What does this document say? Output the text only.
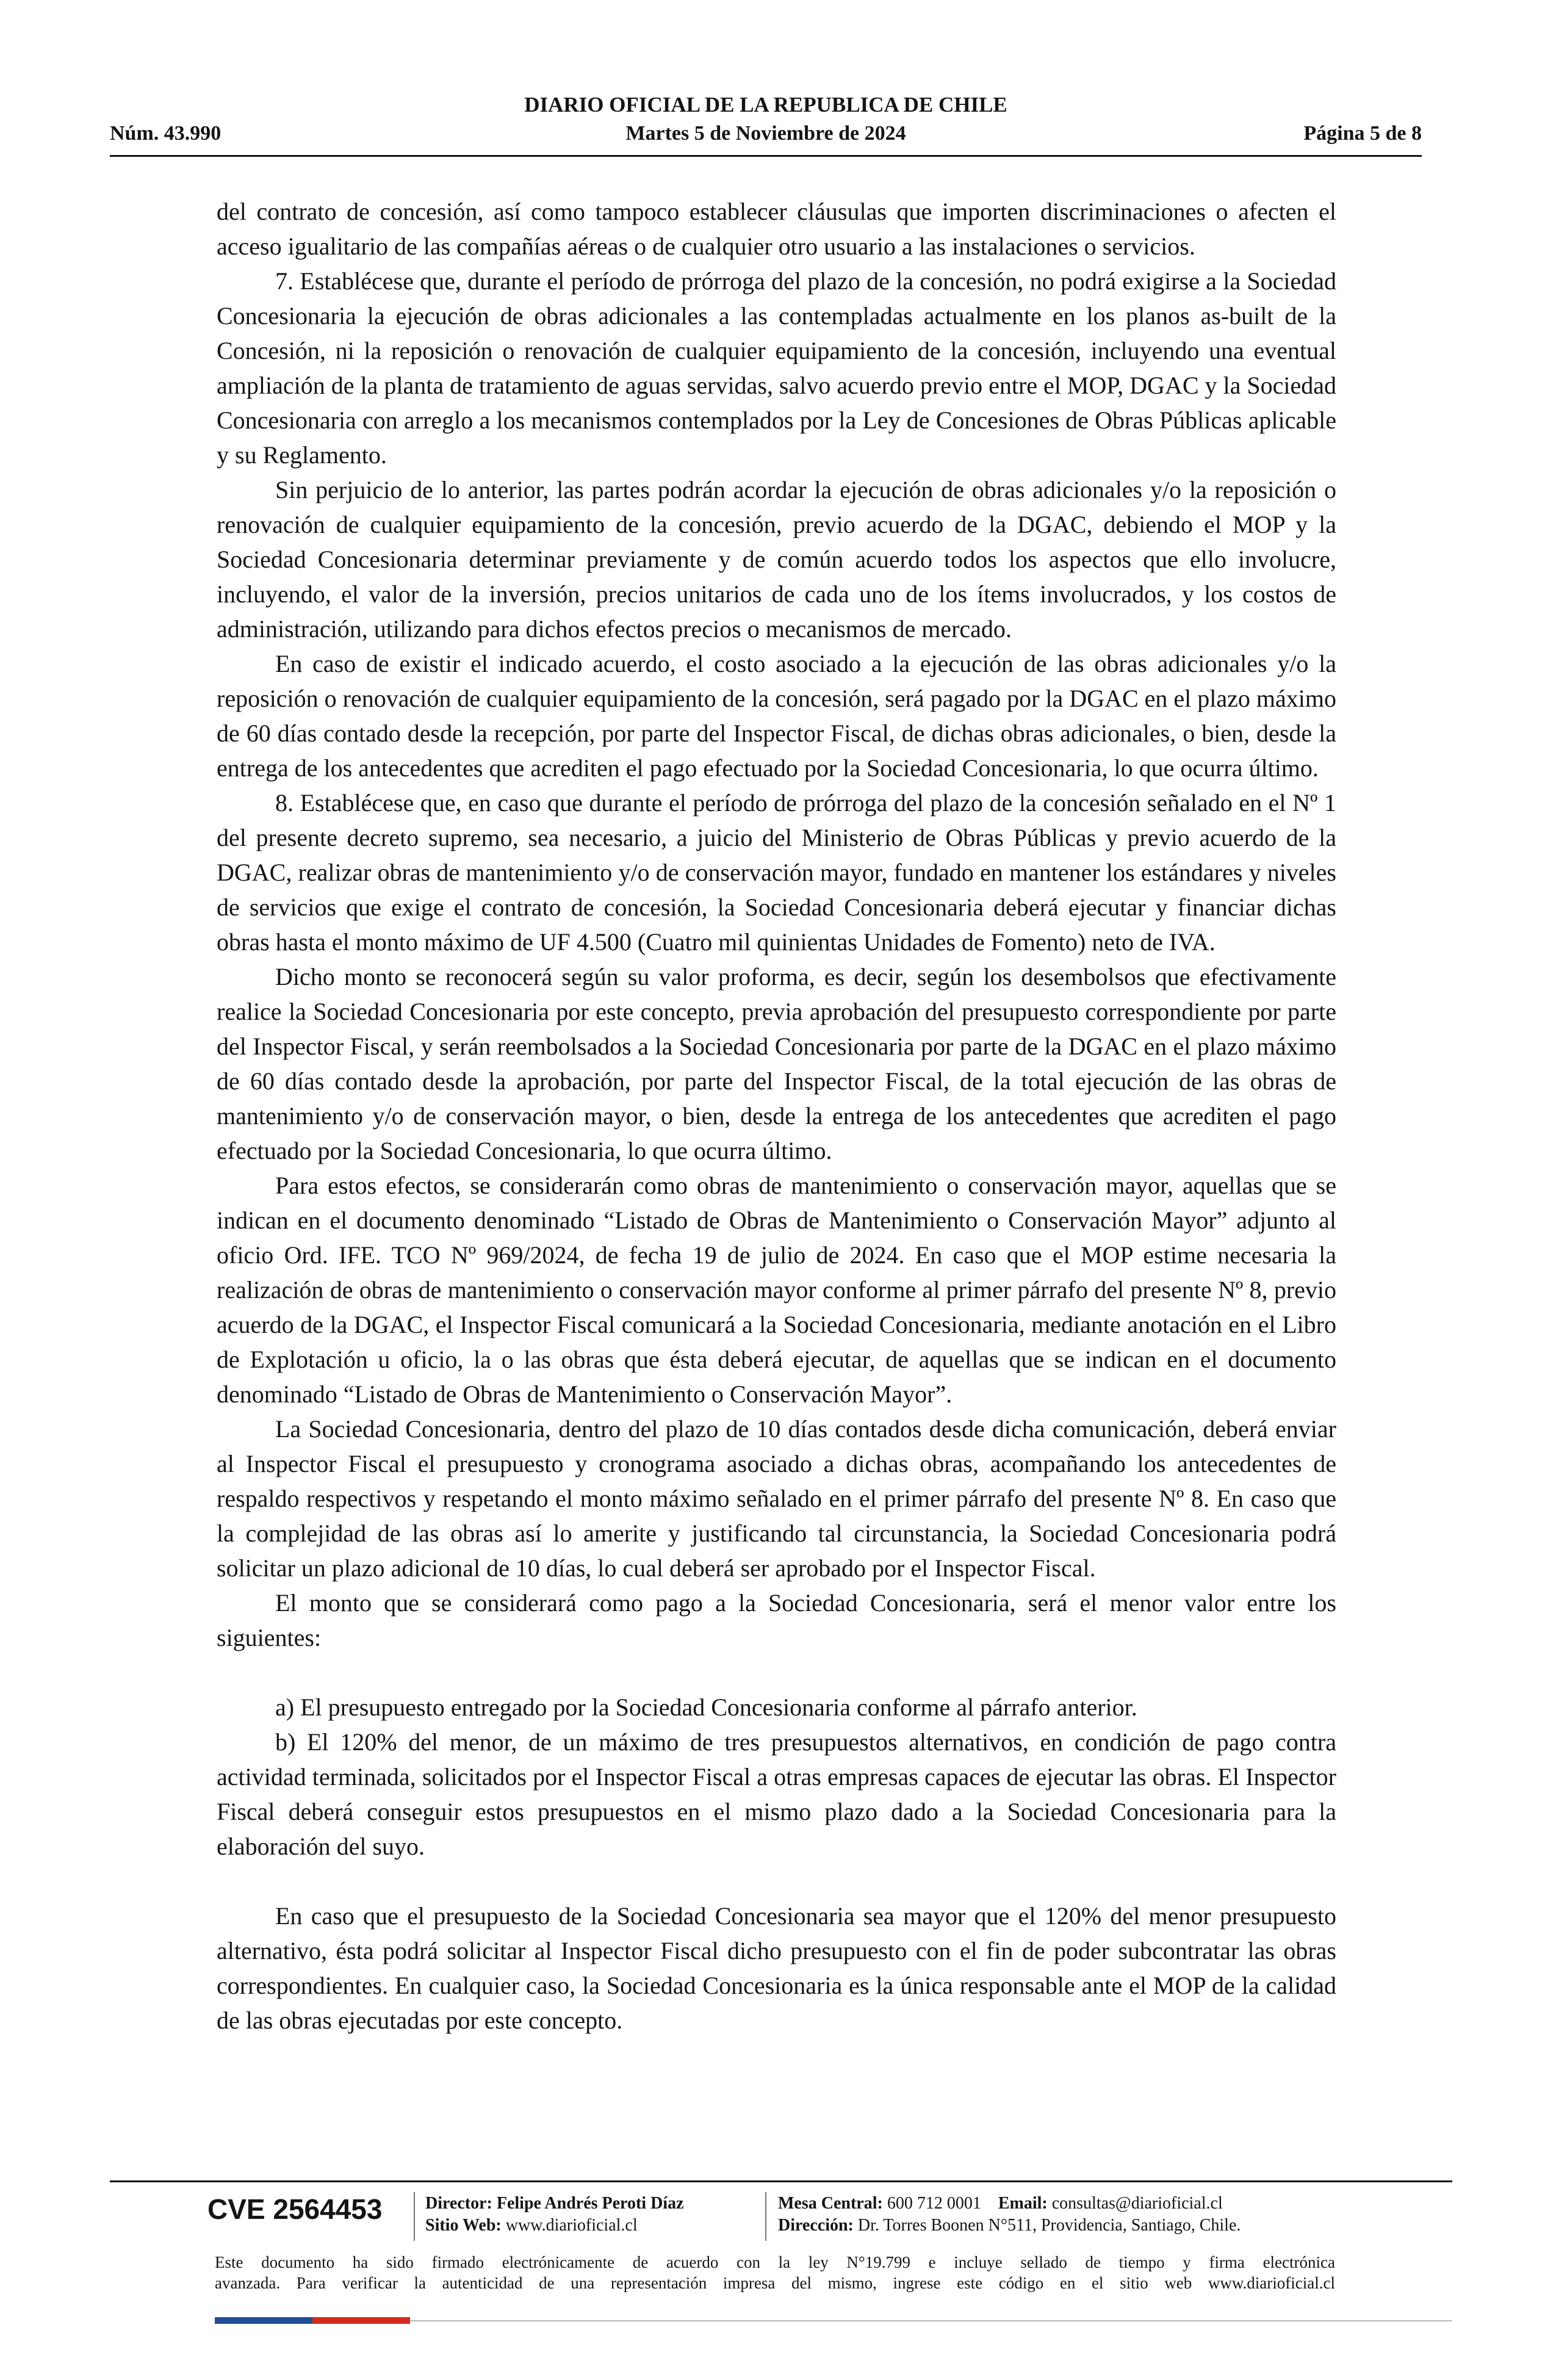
DIARIO OFICIAL DE LA REPUBLICA DE CHILE
Núm. 43.990	Martes 5 de Noviembre de 2024	Página 5 de 8

del contrato de concesión, así como tampoco establecer cláusulas que importen discriminaciones o afecten el acceso igualitario de las compañías aéreas o de cualquier otro usuario a las instalaciones o servicios.

7. Establécese que, durante el período de prórroga del plazo de la concesión, no podrá exigirse a la Sociedad Concesionaria la ejecución de obras adicionales a las contempladas actualmente en los planos as-built de la Concesión, ni la reposición o renovación de cualquier equipamiento de la concesión, incluyendo una eventual ampliación de la planta de tratamiento de aguas servidas, salvo acuerdo previo entre el MOP, DGAC y la Sociedad Concesionaria con arreglo a los mecanismos contemplados por la Ley de Concesiones de Obras Públicas aplicable y su Reglamento.

Sin perjuicio de lo anterior, las partes podrán acordar la ejecución de obras adicionales y/o la reposición o renovación de cualquier equipamiento de la concesión, previo acuerdo de la DGAC, debiendo el MOP y la Sociedad Concesionaria determinar previamente y de común acuerdo todos los aspectos que ello involucre, incluyendo, el valor de la inversión, precios unitarios de cada uno de los ítems involucrados, y los costos de administración, utilizando para dichos efectos precios o mecanismos de mercado.

En caso de existir el indicado acuerdo, el costo asociado a la ejecución de las obras adicionales y/o la reposición o renovación de cualquier equipamiento de la concesión, será pagado por la DGAC en el plazo máximo de 60 días contado desde la recepción, por parte del Inspector Fiscal, de dichas obras adicionales, o bien, desde la entrega de los antecedentes que acrediten el pago efectuado por la Sociedad Concesionaria, lo que ocurra último.

8. Establécese que, en caso que durante el período de prórroga del plazo de la concesión señalado en el Nº 1 del presente decreto supremo, sea necesario, a juicio del Ministerio de Obras Públicas y previo acuerdo de la DGAC, realizar obras de mantenimiento y/o de conservación mayor, fundado en mantener los estándares y niveles de servicios que exige el contrato de concesión, la Sociedad Concesionaria deberá ejecutar y financiar dichas obras hasta el monto máximo de UF 4.500 (Cuatro mil quinientas Unidades de Fomento) neto de IVA.

Dicho monto se reconocerá según su valor proforma, es decir, según los desembolsos que efectivamente realice la Sociedad Concesionaria por este concepto, previa aprobación del presupuesto correspondiente por parte del Inspector Fiscal, y serán reembolsados a la Sociedad Concesionaria por parte de la DGAC en el plazo máximo de 60 días contado desde la aprobación, por parte del Inspector Fiscal, de la total ejecución de las obras de mantenimiento y/o de conservación mayor, o bien, desde la entrega de los antecedentes que acrediten el pago efectuado por la Sociedad Concesionaria, lo que ocurra último.

Para estos efectos, se considerarán como obras de mantenimiento o conservación mayor, aquellas que se indican en el documento denominado “Listado de Obras de Mantenimiento o Conservación Mayor” adjunto al oficio Ord. IFE. TCO Nº 969/2024, de fecha 19 de julio de 2024. En caso que el MOP estime necesaria la realización de obras de mantenimiento o conservación mayor conforme al primer párrafo del presente Nº 8, previo acuerdo de la DGAC, el Inspector Fiscal comunicará a la Sociedad Concesionaria, mediante anotación en el Libro de Explotación u oficio, la o las obras que ésta deberá ejecutar, de aquellas que se indican en el documento denominado “Listado de Obras de Mantenimiento o Conservación Mayor”.

La Sociedad Concesionaria, dentro del plazo de 10 días contados desde dicha comunicación, deberá enviar al Inspector Fiscal el presupuesto y cronograma asociado a dichas obras, acompañando los antecedentes de respaldo respectivos y respetando el monto máximo señalado en el primer párrafo del presente Nº 8. En caso que la complejidad de las obras así lo amerite y justificando tal circunstancia, la Sociedad Concesionaria podrá solicitar un plazo adicional de 10 días, lo cual deberá ser aprobado por el Inspector Fiscal.

El monto que se considerará como pago a la Sociedad Concesionaria, será el menor valor entre los siguientes:

a) El presupuesto entregado por la Sociedad Concesionaria conforme al párrafo anterior.

b) El 120% del menor, de un máximo de tres presupuestos alternativos, en condición de pago contra actividad terminada, solicitados por el Inspector Fiscal a otras empresas capaces de ejecutar las obras. El Inspector Fiscal deberá conseguir estos presupuestos en el mismo plazo dado a la Sociedad Concesionaria para la elaboración del suyo.

En caso que el presupuesto de la Sociedad Concesionaria sea mayor que el 120% del menor presupuesto alternativo, ésta podrá solicitar al Inspector Fiscal dicho presupuesto con el fin de poder subcontratar las obras correspondientes. En cualquier caso, la Sociedad Concesionaria es la única responsable ante el MOP de la calidad de las obras ejecutadas por este concepto.

CVE 2564453	Director: Felipe Andrés Peroti Díaz
Sitio Web: www.diarioficial.cl
Mesa Central: 600 712 0001 Email: consultas@diarioficial.cl
Dirección: Dr. Torres Boonen N°511, Providencia, Santiago, Chile.
Este documento ha sido firmado electrónicamente de acuerdo con la ley N°19.799 e incluye sellado de tiempo y firma electrónica
avanzada. Para verificar la autenticidad de una representación impresa del mismo, ingrese este código en el sitio web www.diarioficial.cl
